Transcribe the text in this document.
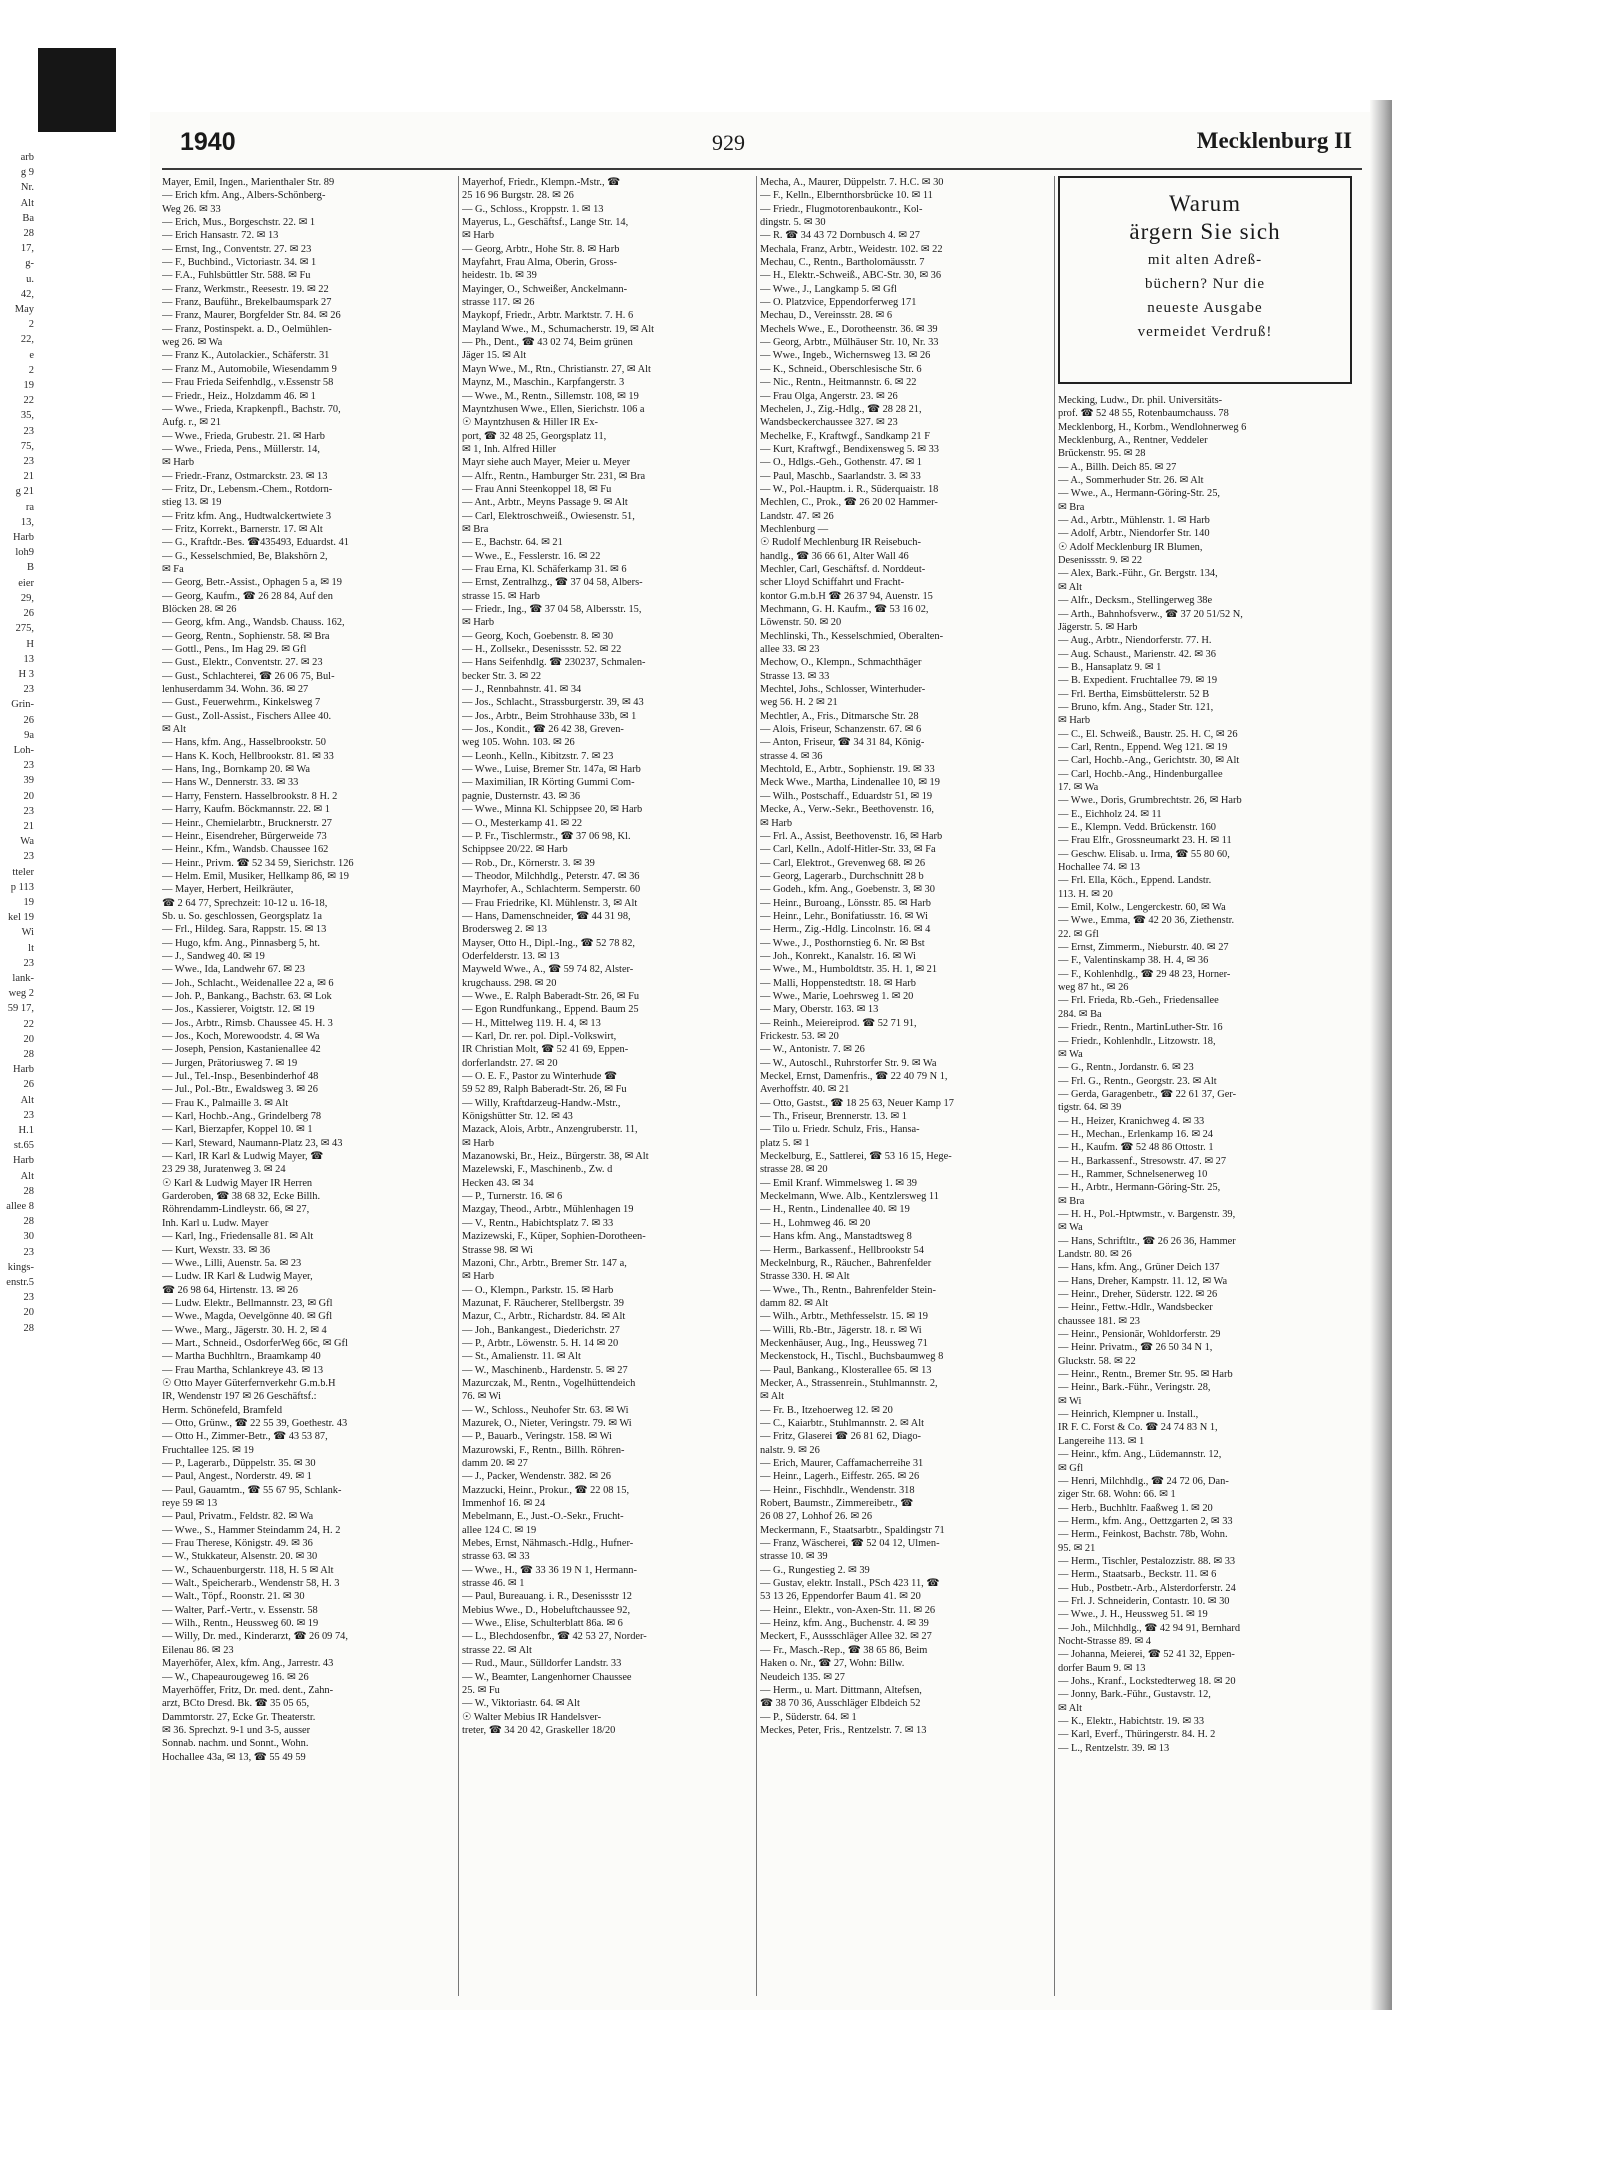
arb
g 9
Nr.
Alt
Ba
28
17,
g-
u.
42,
May
2
22,
e
2
19
22
35,
23
75,
23
21
g 21
ra
13,
Harb
loh9
B
eier
29,
26
275,
H
13
H 3
23
Grin-
26
9a
Loh-
23
39
20
23
21
Wa
23
tteler
p 113
19
kel 19
Wi
lt
23
lank-
weg 2
59 17,
22
20
28
Harb
26
Alt
23
H.1
st.65
Harb
Alt
28
allee 8
28
30
23
kings-
enstr.5
23
20
28
1940	929	Mecklenburg II
Mayer, Emil, Ingen., Marienthaler Str. 89
— Erich kfm. Ang., Albers-Schönberg-
Weg 26. ✉ 33
— Erich, Mus., Borgeschstr. 22. ✉ 1
— Erich Hansastr. 72. ✉ 13
— Ernst, Ing., Conventstr. 27. ✉ 23
— F., Buchbind., Victoriastr. 34. ✉ 1
— F.A., Fuhlsbüttler Str. 588. ✉ Fu
— Franz, Werkmstr., Reesestr. 19. ✉ 22
— Franz, Bauführ., Brekelbaumspark 27
— Franz, Maurer, Borgfelder Str. 84. ✉ 26
— Franz, Postinspekt. a. D., Oelmühlen-
weg 26. ✉ Wa
— Franz K., Autolackier., Schäferstr. 31
— Franz M., Automobile, Wiesendamm 9
— Frau Frieda Seifenhdlg., v.Essenstr 58
— Friedr., Heiz., Holzdamm 46. ✉ 1
— Wwe., Frieda, Krapkenpfl., Bachstr. 70,
Aufg. r., ✉ 21
— Wwe., Frieda, Grubestr. 21. ✉ Harb
— Wwe., Frieda, Pens., Müllerstr. 14,
✉ Harb
— Friedr.-Franz, Ostmarckstr. 23. ✉ 13
— Fritz, Dr., Lebensm.-Chem., Rotdorn-
stieg 13. ✉ 19
— Fritz kfm. Ang., Hudtwalckertwiete 3
— Fritz, Korrekt., Barnerstr. 17. ✉ Alt
— G., Kraftdr.-Bes. ☎435493, Eduardst. 41
— G., Kesselschmied, Be, Blakshörn 2,
✉ Fa
— Georg, Betr.-Assist., Ophagen 5 a, ✉ 19
— Georg, Kaufm., ☎ 26 28 84, Auf den
Blöcken 28. ✉ 26
— Georg, kfm. Ang., Wandsb. Chauss. 162,
— Georg, Rentn., Sophienstr. 58. ✉ Bra
— Gottl., Pens., Im Hag 29. ✉ Gfl
— Gust., Elektr., Conventstr. 27. ✉ 23
— Gust., Schlachterei, ☎ 26 06 75, Bul-
lenhuserdamm 34. Wohn. 36. ✉ 27
— Gust., Feuerwehrm., Kinkelsweg 7
— Gust., Zoll-Assist., Fischers Allee 40.
✉ Alt
— Hans, kfm. Ang., Hasselbrookstr. 50
— Hans K. Koch, Hellbrookstr. 81. ✉ 33
— Hans, Ing., Bornkamp 20. ✉ Wa
— Hans W., Dennerstr. 33. ✉ 33
— Harry, Fenstern. Hasselbrookstr. 8 H. 2
— Harry, Kaufm. Böckmannstr. 22. ✉ 1
— Heinr., Chemielarbtr., Brucknerstr. 27
— Heinr., Eisendreher, Bürgerweide 73
— Heinr., Kfm., Wandsb. Chaussee 162
— Heinr., Privm. ☎ 52 34 59, Sierichstr. 126
— Helm. Emil, Musiker, Hellkamp 86, ✉ 19
— Mayer, Herbert, Heilkräuter,
☎ 2 64 77, Sprechzeit: 10-12 u. 16-18,
Sb. u. So. geschlossen, Georgsplatz 1a
— Frl., Hildeg. Sara, Rappstr. 15. ✉ 13
— Hugo, kfm. Ang., Pinnasberg 5, ht.
— J., Sandweg 40. ✉ 19
— Wwe., Ida, Landwehr 67. ✉ 23
— Joh., Schlacht., Weidenallee 22 a, ✉ 6
— Joh. P., Bankang., Bachstr. 63. ✉ Lok
— Jos., Kassierer, Voigtstr. 12. ✉ 19
— Jos., Arbtr., Rimsb. Chaussee 45. H. 3
— Jos., Koch, Morewoodstr. 4. ✉ Wa
— Joseph, Pension, Kastanienallee 42
— Jurgen, Prätoriusweg 7. ✉ 19
— Jul., Tel.-Insp., Besenbinderhof 48
— Jul., Pol.-Btr., Ewaldsweg 3. ✉ 26
— Frau K., Palmaille 3. ✉ Alt
— Karl, Hochb.-Ang., Grindelberg 78
— Karl, Bierzapfer, Koppel 10. ✉ 1
— Karl, Steward, Naumann-Platz 23, ✉ 43
— Karl, IR Karl & Ludwig Mayer, ☎
23 29 38, Juratenweg 3. ✉ 24
☉ Karl & Ludwig Mayer IR Herren
Garderoben, ☎ 38 68 32, Ecke Billh.
Röhrendamm-Lindleystr. 66, ✉ 27,
Inh. Karl u. Ludw. Mayer
— Karl, Ing., Friedensalle 81. ✉ Alt
— Kurt, Wexstr. 33. ✉ 36
— Wwe., Lilli, Auenstr. 5a. ✉ 23
— Ludw. IR Karl & Ludwig Mayer,
☎ 26 98 64, Hirtenstr. 13. ✉ 26
— Ludw. Elektr., Bellmannstr. 23, ✉ Gfl
— Wwe., Magda, Oevelgönne 40. ✉ Gfl
— Wwe., Marg., Jägerstr. 30. H. 2, ✉ 4
— Mart., Schneid., OsdorferWeg 66c, ✉ Gfl
— Martha Buchhltrn., Braamkamp 40
— Frau Martha, Schlankreye 43. ✉ 13
☉ Otto Mayer Güterfernverkehr G.m.b.H
IR, Wendenstr 197 ✉ 26 Geschäftsf.:
Herm. Schönefeld, Bramfeld
— Otto, Grünw., ☎ 22 55 39, Goethestr. 43
— Otto H., Zimmer-Betr., ☎ 43 53 87,
Fruchtallee 125. ✉ 19
— P., Lagerarb., Düppelstr. 35. ✉ 30
— Paul, Angest., Norderstr. 49. ✉ 1
— Paul, Gauamtm., ☎ 55 67 95, Schlank-
reye 59 ✉ 13
— Paul, Privatm., Feldstr. 82. ✉ Wa
— Wwe., S., Hammer Steindamm 24, H. 2
— Frau Therese, Königstr. 49. ✉ 36
— W., Stukkateur, Alsenstr. 20. ✉ 30
— W., Schauenburgerstr. 118, H. 5 ✉ Alt
— Walt., Speicherarb., Wendenstr 58, H. 3
— Walt., Töpf., Roonstr. 21. ✉ 30
— Walter, Parf.-Vertr., v. Essenstr. 58
— Wilh., Rentn., Heussweg 60. ✉ 19
— Willy, Dr. med., Kinderarzt, ☎ 26 09 74,
Eilenau 86. ✉ 23
Mayerhöfer, Alex, kfm. Ang., Jarrestr. 43
— W., Chapeaurougeweg 16. ✉ 26
Mayerhöffer, Fritz, Dr. med. dent., Zahn-
arzt, BCto Dresd. Bk. ☎ 35 05 65,
Dammtorstr. 27, Ecke Gr. Theaterstr.
✉ 36. Sprechzt. 9-1 und 3-5, ausser
Sonnab. nachm. und Sonnt., Wohn.
Hochallee 43a, ✉ 13, ☎ 55 49 59
Mayerhof, Friedr., Klempn.-Mstr., ☎
25 16 96 Burgstr. 28. ✉ 26
— G., Schloss., Kroppstr. 1. ✉ 13
Mayerus, L., Geschäftsf., Lange Str. 14,
✉ Harb
— Georg, Arbtr., Hohe Str. 8. ✉ Harb
Mayfahrt, Frau Alma, Oberin, Gross-
heidestr. 1b. ✉ 39
Mayinger, O., Schweißer, Anckelmann-
strasse 117. ✉ 26
Maykopf, Friedr., Arbtr. Marktstr. 7. H. 6
Mayland Wwe., M., Schumacherstr. 19, ✉ Alt
— Ph., Dent., ☎ 43 02 74, Beim grünen
Jäger 15. ✉ Alt
Mayn Wwe., M., Rtn., Christianstr. 27, ✉ Alt
Maynz, M., Maschin., Karpfangerstr. 3
— Wwe., M., Rentn., Sillemstr. 108, ✉ 19
Mayntzhusen Wwe., Ellen, Sierichstr. 106 a
☉ Mayntzhusen & Hiller IR Ex-
port, ☎ 32 48 25, Georgsplatz 11,
✉ 1, Inh. Alfred Hiller
Mayr siehe auch Mayer, Meier u. Meyer
— Alfr., Rentn., Hamburger Str. 231, ✉ Bra
— Frau Anni Steenkoppel 18, ✉ Fu
— Ant., Arbtr., Meyns Passage 9. ✉ Alt
— Carl, Elektroschweiß., Owiesenstr. 51,
✉ Bra
— E., Bachstr. 64. ✉ 21
— Wwe., E., Fesslerstr. 16. ✉ 22
— Frau Erna, Kl. Schäferkamp 31. ✉ 6
— Ernst, Zentralhzg., ☎ 37 04 58, Albers-
strasse 15. ✉ Harb
— Friedr., Ing., ☎ 37 04 58, Albersstr. 15,
✉ Harb
— Georg, Koch, Goebenstr. 8. ✉ 30
— H., Zollsekr., Desenissstr. 52. ✉ 22
— Hans Seifenhdlg. ☎ 230237, Schmalen-
becker Str. 3. ✉ 22
— J., Rennbahnstr. 41. ✉ 34
— Jos., Schlacht., Strassburgerstr. 39, ✉ 43
— Jos., Arbtr., Beim Strohhause 33b, ✉ 1
— Jos., Kondit., ☎ 26 42 38, Greven-
weg 105. Wohn. 103. ✉ 26
— Leonh., Kelln., Kibitzstr. 7. ✉ 23
— Wwe., Luise, Bremer Str. 147a, ✉ Harb
— Maximilian, IR Körting Gummi Com-
pagnie, Dusternstr. 43. ✉ 36
— Wwe., Minna Kl. Schippsee 20, ✉ Harb
— O., Mesterkamp 41. ✉ 22
— P. Fr., Tischlermstr., ☎ 37 06 98, Kl.
Schippsee 20/22. ✉ Harb
— Rob., Dr., Körnerstr. 3. ✉ 39
— Theodor, Milchhdlg., Peterstr. 47. ✉ 36
Mayrhofer, A., Schlachterm. Semperstr. 60
— Frau Friedrike, Kl. Mühlenstr. 3, ✉ Alt
— Hans, Damenschneider, ☎ 44 31 98,
Brodersweg 2. ✉ 13
Mayser, Otto H., Dipl.-Ing., ☎ 52 78 82,
Oderfelderstr. 13. ✉ 13
Mayweld Wwe., A., ☎ 59 74 82, Alster-
krugchauss. 298. ✉ 20
— Wwe., E. Ralph Baberadt-Str. 26, ✉ Fu
— Egon Rundfunkang., Eppend. Baum 25
— H., Mittelweg 119. H. 4, ✉ 13
— Karl, Dr. rer. pol. Dipl.-Volkswirt,
IR Christian Molt, ☎ 52 41 69, Eppen-
dorferlandstr. 27. ✉ 20
— O. E. F., Pastor zu Winterhude ☎
59 52 89, Ralph Baberadt-Str. 26, ✉ Fu
— Willy, Kraftdarzeug-Handw.-Mstr.,
Königshütter Str. 12. ✉ 43
Mazack, Alois, Arbtr., Anzengruberstr. 11,
✉ Harb
Mazanowski, Br., Heiz., Bürgerstr. 38, ✉ Alt
Mazelewski, F., Maschinenb., Zw. d
Hecken 43. ✉ 34
— P., Turnerstr. 16. ✉ 6
Mazgay, Theod., Arbtr., Mühlenhagen 19
— V., Rentn., Habichtsplatz 7. ✉ 33
Mazizewski, F., Küper, Sophien-Dorotheen-
Strasse 98. ✉ Wi
Mazoni, Chr., Arbtr., Bremer Str. 147 a,
✉ Harb
— O., Klempn., Parkstr. 15. ✉ Harb
Mazunat, F. Räucherer, Stellbergstr. 39
Mazur, C., Arbtr., Richardstr. 84. ✉ Alt
— Joh., Bankangest., Diederichstr. 27
— P., Arbtr., Löwenstr. 5. H. 14 ✉ 20
— St., Amalienstr. 11. ✉ Alt
— W., Maschinenb., Hardenstr. 5. ✉ 27
Mazurczak, M., Rentn., Vogelhüttendeich
76. ✉ Wi
— W., Schloss., Neuhofer Str. 63. ✉ Wi
Mazurek, O., Nieter, Veringstr. 79. ✉ Wi
— P., Bauarb., Veringstr. 158. ✉ Wi
Mazurowski, F., Rentn., Billh. Röhren-
damm 20. ✉ 27
— J., Packer, Wendenstr. 382. ✉ 26
Mazzucki, Heinr., Prokur., ☎ 22 08 15,
Immenhof 16. ✉ 24
Mebelmann, E., Just.-O.-Sekr., Frucht-
allee 124 C. ✉ 19
Mebes, Ernst, Nähmasch.-Hdlg., Hufner-
strasse 63. ✉ 33
— Wwe., H., ☎ 33 36 19 N 1, Hermann-
strasse 46. ✉ 1
— Paul, Bureauang. i. R., Desenissstr 12
Mebius Wwe., D., Hobeluftchaussee 92,
— Wwe., Elise, Schulterblatt 86a. ✉ 6
— L., Blechdosenfbr., ☎ 42 53 27, Norder-
strasse 22. ✉ Alt
— Rud., Maur., Sülldorfer Landstr. 33
— W., Beamter, Langenhorner Chaussee
25. ✉ Fu
— W., Viktoriastr. 64. ✉ Alt
☉ Walter Mebius IR Handelsver-
treter, ☎ 34 20 42, Graskeller 18/20
Mecha, A., Maurer, Düppelstr. 7. H.C. ✉ 30
— F., Kelln., Elbernthorsbrücke 10. ✉ 11
— Friedr., Flugmotorenbaukontr., Kol-
dingstr. 5. ✉ 30
— R. ☎ 34 43 72 Dornbusch 4. ✉ 27
Mechala, Franz, Arbtr., Weidestr. 102. ✉ 22
Mechau, C., Rentn., Bartholomäusstr. 7
— H., Elektr.-Schweiß., ABC-Str. 30, ✉ 36
— Wwe., J., Langkamp 5. ✉ Gfl
— O. Platzvice, Eppendorferweg 171
Mechau, D., Vereinsstr. 28. ✉ 6
Mechels Wwe., E., Dorotheenstr. 36. ✉ 39
— Georg, Arbtr., Mülhäuser Str. 10, Nr. 33
— Wwe., Ingeb., Wichernsweg 13. ✉ 26
— K., Schneid., Oberschlesische Str. 6
— Nic., Rentn., Heitmannstr. 6. ✉ 22
— Frau Olga, Angerstr. 23. ✉ 26
Mechelen, J., Zig.-Hdlg., ☎ 28 28 21,
Wandsbeckerchaussee 327. ✉ 23
Mechelke, F., Kraftwgf., Sandkamp 21 F
— Kurt, Kraftwgf., Bendixensweg 5. ✉ 33
— O., Hdlgs.-Geh., Gothenstr. 47. ✉ 1
— Paul, Maschb., Saarlandstr. 3. ✉ 33
— W., Pol.-Hauptm. i. R., Süderquaistr. 18
Mechlen, C., Prok., ☎ 26 20 02 Hammer-
Landstr. 47. ✉ 26
Mechlenburg —
☉ Rudolf Mechlenburg IR Reisebuch-
handlg., ☎ 36 66 61, Alter Wall 46
Mechler, Carl, Geschäftsf. d. Norddeut-
scher Lloyd Schiffahrt und Fracht-
kontor G.m.b.H ☎ 26 37 94, Auenstr. 15
Mechmann, G. H. Kaufm., ☎ 53 16 02,
Löwenstr. 50. ✉ 20
Mechlinski, Th., Kesselschmied, Oberalten-
allee 33. ✉ 23
Mechow, O., Klempn., Schmachthäger
Strasse 13. ✉ 33
Mechtel, Johs., Schlosser, Winterhuder-
weg 56. H. 2 ✉ 21
Mechtler, A., Fris., Ditmarsche Str. 28
— Alois, Friseur, Schanzenstr. 67. ✉ 6
— Anton, Friseur, ☎ 34 31 84, König-
strasse 4. ✉ 36
Mechtold, E., Arbtr., Sophienstr. 19. ✉ 33
Meck Wwe., Martha, Lindenallee 10, ✉ 19
— Wilh., Postschaff., Eduardstr 51, ✉ 19
Mecke, A., Verw.-Sekr., Beethovenstr. 16,
✉ Harb
— Frl. A., Assist, Beethovenstr. 16, ✉ Harb
— Carl, Kelln., Adolf-Hitler-Str. 33, ✉ Fa
— Carl, Elektrot., Grevenweg 68. ✉ 26
— Georg, Lagerarb., Durchschnitt 28 b
— Godeh., kfm. Ang., Goebenstr. 3, ✉ 30
— Heinr., Buroang., Lönsstr. 85. ✉ Harb
— Heinr., Lehr., Bonifatiusstr. 16. ✉ Wi
— Herm., Zig.-Hdlg. Lincolnstr. 16. ✉ 4
— Wwe., J., Posthornstieg 6. Nr. ✉ Bst
— Joh., Konrekt., Kanalstr. 16. ✉ Wi
— Wwe., M., Humboldtstr. 35. H. 1, ✉ 21
— Malli, Hoppenstedtstr. 18. ✉ Harb
— Wwe., Marie, Loehrsweg 1. ✉ 20
— Mary, Oberstr. 163. ✉ 13
— Reinh., Meiereiprod. ☎ 52 71 91,
Frickestr. 53. ✉ 20
— W., Antonistr. 7. ✉ 26
— W., Autoschl., Ruhrstorfer Str. 9. ✉ Wa
Meckel, Ernst, Damenfris., ☎ 22 40 79 N 1,
Averhoffstr. 40. ✉ 21
— Otto, Gastst., ☎ 18 25 63, Neuer Kamp 17
— Th., Friseur, Brennerstr. 13. ✉ 1
— Tilo u. Friedr. Schulz, Fris., Hansa-
platz 5. ✉ 1
Meckelburg, E., Sattlerei, ☎ 53 16 15, Hege-
strasse 28. ✉ 20
— Emil Kranf. Wimmelsweg 1. ✉ 39
Meckelmann, Wwe. Alb., Kentzlersweg 11
— H., Rentn., Lindenallee 40. ✉ 19
— H., Lohmweg 46. ✉ 20
— Hans kfm. Ang., Manstadtsweg 8
— Herm., Barkassenf., Hellbrookstr 54
Meckelnburg, R., Räucher., Bahrenfelder
Strasse 330. H. ✉ Alt
— Wwe., Th., Rentn., Bahrenfelder Stein-
damm 82. ✉ Alt
— Wilh., Arbtr., Methfesselstr. 15. ✉ 19
— Willi, Rb.-Btr., Jägerstr. 18. r. ✉ Wi
Meckenhäuser, Aug., Ing., Heussweg 71
Meckenstock, H., Tischl., Buchsbaumweg 8
— Paul, Bankang., Klosterallee 65. ✉ 13
Mecker, A., Strassenrein., Stuhlmannstr. 2,
✉ Alt
— Fr. B., Itzehoerweg 12. ✉ 20
— C., Kaiarbtr., Stuhlmannstr. 2. ✉ Alt
— Fritz, Glaserei ☎ 26 81 62, Diago-
nalstr. 9. ✉ 26
— Erich, Maurer, Caffamacherreihe 31
— Heinr., Lagerh., Eiffestr. 265. ✉ 26
— Heinr., Fischhdlr., Wendenstr. 318
Robert, Baumstr., Zimmereibetr., ☎
26 08 27, Lohhof 26. ✉ 26
Meckermann, F., Staatsarbtr., Spaldingstr 71
— Franz, Wäscherei, ☎ 52 04 12, Ulmen-
strasse 10. ✉ 39
— G., Rungestieg 2. ✉ 39
— Gustav, elektr. Install., PSch 423 11, ☎
53 13 26, Eppendorfer Baum 41. ✉ 20
— Heinr., Elektr., von-Axen-Str. 11. ✉ 26
— Heinz, kfm. Ang., Buchenstr. 4. ✉ 39
Meckert, F., Aussschläger Allee 32. ✉ 27
— Fr., Masch.-Rep., ☎ 38 65 86, Beim
Haken o. Nr., ☎ 27, Wohn: Billw.
Neudeich 135. ✉ 27
— Herm., u. Mart. Dittmann, Altefsen,
☎ 38 70 36, Ausschläger Elbdeich 52
— P., Süderstr. 64. ✉ 1
Meckes, Peter, Fris., Rentzelstr. 7. ✉ 13
Warum
ärgern Sie sich
mit alten Adreß-
büchern? Nur die
neueste Ausgabe
vermeidet Verdruß!
Mecking, Ludw., Dr. phil. Universitäts-
prof. ☎ 52 48 55, Rotenbaumchauss. 78
Mecklenborg, H., Korbm., Wendlohnerweg 6
Mecklenburg, A., Rentner, Veddeler
Brückenstr. 95. ✉ 28
— A., Billh. Deich 85. ✉ 27
— A., Sommerhuder Str. 26. ✉ Alt
— Wwe., A., Hermann-Göring-Str. 25,
✉ Bra
— Ad., Arbtr., Mühlenstr. 1. ✉ Harb
— Adolf, Arbtr., Niendorfer Str. 140
☉ Adolf Mecklenburg IR Blumen,
Desenissstr. 9. ✉ 22
— Alex, Bark.-Führ., Gr. Bergstr. 134,
✉ Alt
— Alfr., Decksm., Stellingerweg 38e
— Arth., Bahnhofsverw., ☎ 37 20 51/52 N,
Jägerstr. 5. ✉ Harb
— Aug., Arbtr., Niendorferstr. 77. H.
— Aug. Schaust., Marienstr. 42. ✉ 36
— B., Hansaplatz 9. ✉ 1
— B. Expedient. Fruchtallee 79. ✉ 19
— Frl. Bertha, Eimsbüttelerstr. 52 B
— Bruno, kfm. Ang., Stader Str. 121,
✉ Harb
— C., El. Schweiß., Baustr. 25. H. C, ✉ 26
— Carl, Rentn., Eppend. Weg 121. ✉ 19
— Carl, Hochb.-Ang., Gerichtstr. 30, ✉ Alt
— Carl, Hochb.-Ang., Hindenburgallee
17. ✉ Wa
— Wwe., Doris, Grumbrechtstr. 26, ✉ Harb
— E., Eichholz 24. ✉ 11
— E., Klempn. Vedd. Brückenstr. 160
— Frau Elfr., Grossneumarkt 23. H. ✉ 11
— Geschw. Elisab. u. Irma, ☎ 55 80 60,
Hochallee 74. ✉ 13
— Frl. Ella, Köch., Eppend. Landstr.
113. H. ✉ 20
— Emil, Kolw., Lengerckestr. 60, ✉ Wa
— Wwe., Emma, ☎ 42 20 36, Ziethenstr.
22. ✉ Gfl
— Ernst, Zimmerm., Nieburstr. 40. ✉ 27
— F., Valentinskamp 38. H. 4, ✉ 36
— F., Kohlenhdlg., ☎ 29 48 23, Horner-
weg 87 ht., ✉ 26
— Frl. Frieda, Rb.-Geh., Friedensallee
284. ✉ Ba
— Friedr., Rentn., MartinLuther-Str. 16
— Friedr., Kohlenhdlr., Litzowstr. 18,
✉ Wa
— G., Rentn., Jordanstr. 6. ✉ 23
— Frl. G., Rentn., Georgstr. 23. ✉ Alt
— Gerda, Garagenbetr., ☎ 22 61 37, Ger-
tigstr. 64. ✉ 39
— H., Heizer, Kranichweg 4. ✉ 33
— H., Mechan., Erlenkamp 16. ✉ 24
— H., Kaufm. ☎ 52 48 86 Ottostr. 1
— H., Barkassenf., Stresowstr. 47. ✉ 27
— H., Rammer, Schnelsenerweg 10
— H., Arbtr., Hermann-Göring-Str. 25,
✉ Bra
— H. H., Pol.-Hptwmstr., v. Bargenstr. 39,
✉ Wa
— Hans, Schriftltr., ☎ 26 26 36, Hammer
Landstr. 80. ✉ 26
— Hans, kfm. Ang., Grüner Deich 137
— Hans, Dreher, Kampstr. 11. 12, ✉ Wa
— Heinr., Dreher, Süderstr. 122. ✉ 26
— Heinr., Fettw.-Hdlr., Wandsbecker
chaussee 181. ✉ 23
— Heinr., Pensionär, Wohldorferstr. 29
— Heinr. Privatm., ☎ 26 50 34 N 1,
Gluckstr. 58. ✉ 22
— Heinr., Rentn., Bremer Str. 95. ✉ Harb
— Heinr., Bark.-Führ., Veringstr. 28,
✉ Wi
— Heinrich, Klempner u. Install.,
IR F. C. Forst & Co. ☎ 24 74 83 N 1,
Langereihe 113. ✉ 1
— Heinr., kfm. Ang., Lüdemannstr. 12,
✉ Gfl
— Henri, Milchhdlg., ☎ 24 72 06, Dan-
ziger Str. 68. Wohn: 66. ✉ 1
— Herb., Buchhltr. Faaßweg 1. ✉ 20
— Herm., kfm. Ang., Oettzgarten 2, ✉ 33
— Herm., Feinkost, Bachstr. 78b, Wohn.
95. ✉ 21
— Herm., Tischler, Pestalozzistr. 88. ✉ 33
— Herm., Staatsarb., Beckstr. 11. ✉ 6
— Hub., Postbetr.-Arb., Alsterdorferstr. 24
— Frl. J. Schneiderin, Contastr. 10. ✉ 30
— Wwe., J. H., Heussweg 51. ✉ 19
— Joh., Milchhdlg., ☎ 42 94 91, Bernhard
Nocht-Strasse 89. ✉ 4
— Johanna, Meierei, ☎ 52 41 32, Eppen-
dorfer Baum 9. ✉ 13
— Johs., Kranf., Lockstedterweg 18. ✉ 20
— Jonny, Bark.-Führ., Gustavstr. 12,
✉ Alt
— K., Elektr., Habichtstr. 19. ✉ 33
— Karl, Everf., Thüringerstr. 84. H. 2
— L., Rentzelstr. 39. ✉ 13
